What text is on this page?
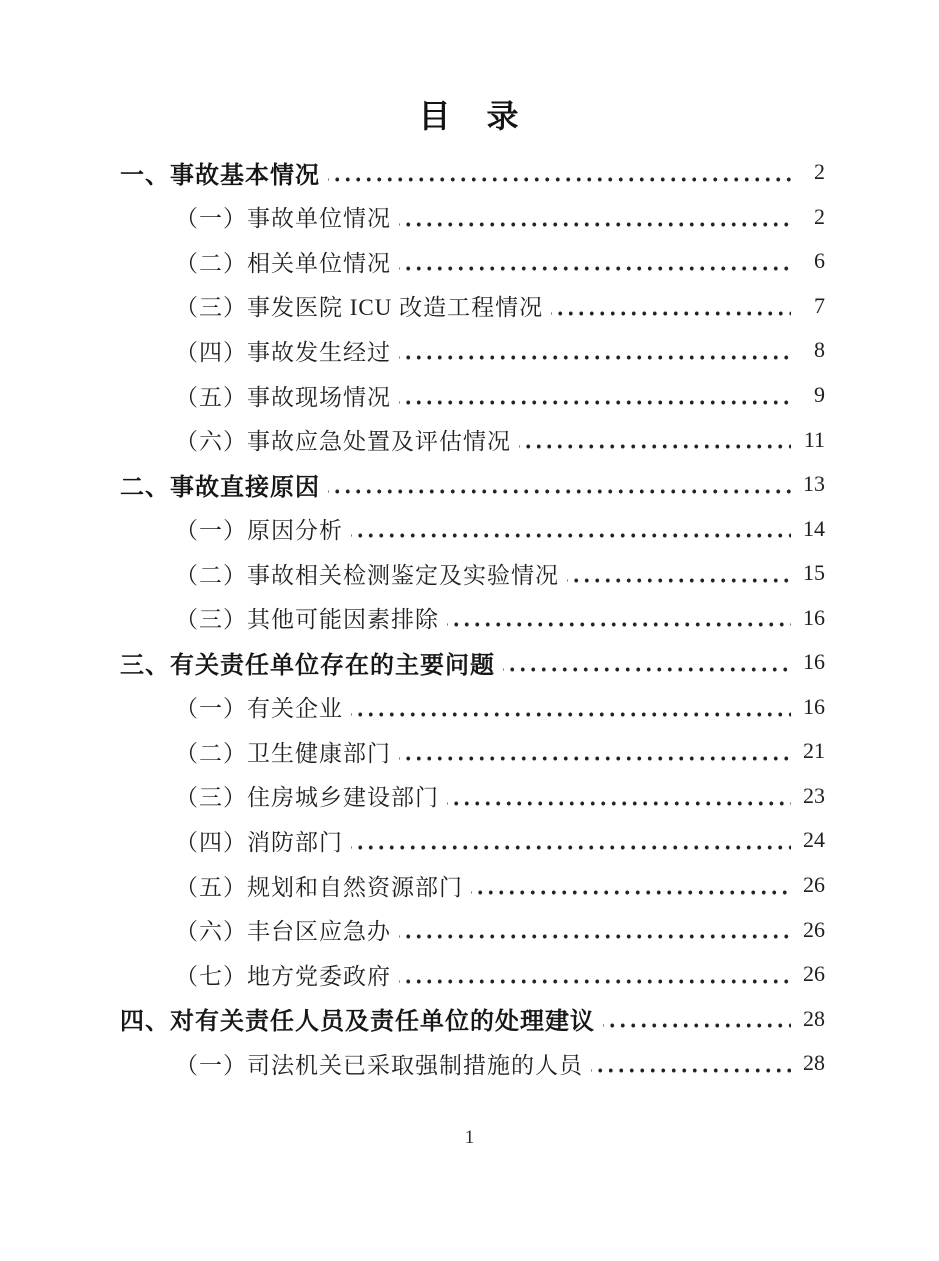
目　录
一、事故基本情况	2
（一）事故单位情况	2
（二）相关单位情况	6
（三）事发医院 ICU 改造工程情况	7
（四）事故发生经过	8
（五）事故现场情况	9
（六）事故应急处置及评估情况	11
二、事故直接原因	13
（一）原因分析	14
（二）事故相关检测鉴定及实验情况	15
（三）其他可能因素排除	16
三、有关责任单位存在的主要问题	16
（一）有关企业	16
（二）卫生健康部门	21
（三）住房城乡建设部门	23
（四）消防部门	24
（五）规划和自然资源部门	26
（六）丰台区应急办	26
（七）地方党委政府	26
四、对有关责任人员及责任单位的处理建议	28
（一）司法机关已采取强制措施的人员	28
1
